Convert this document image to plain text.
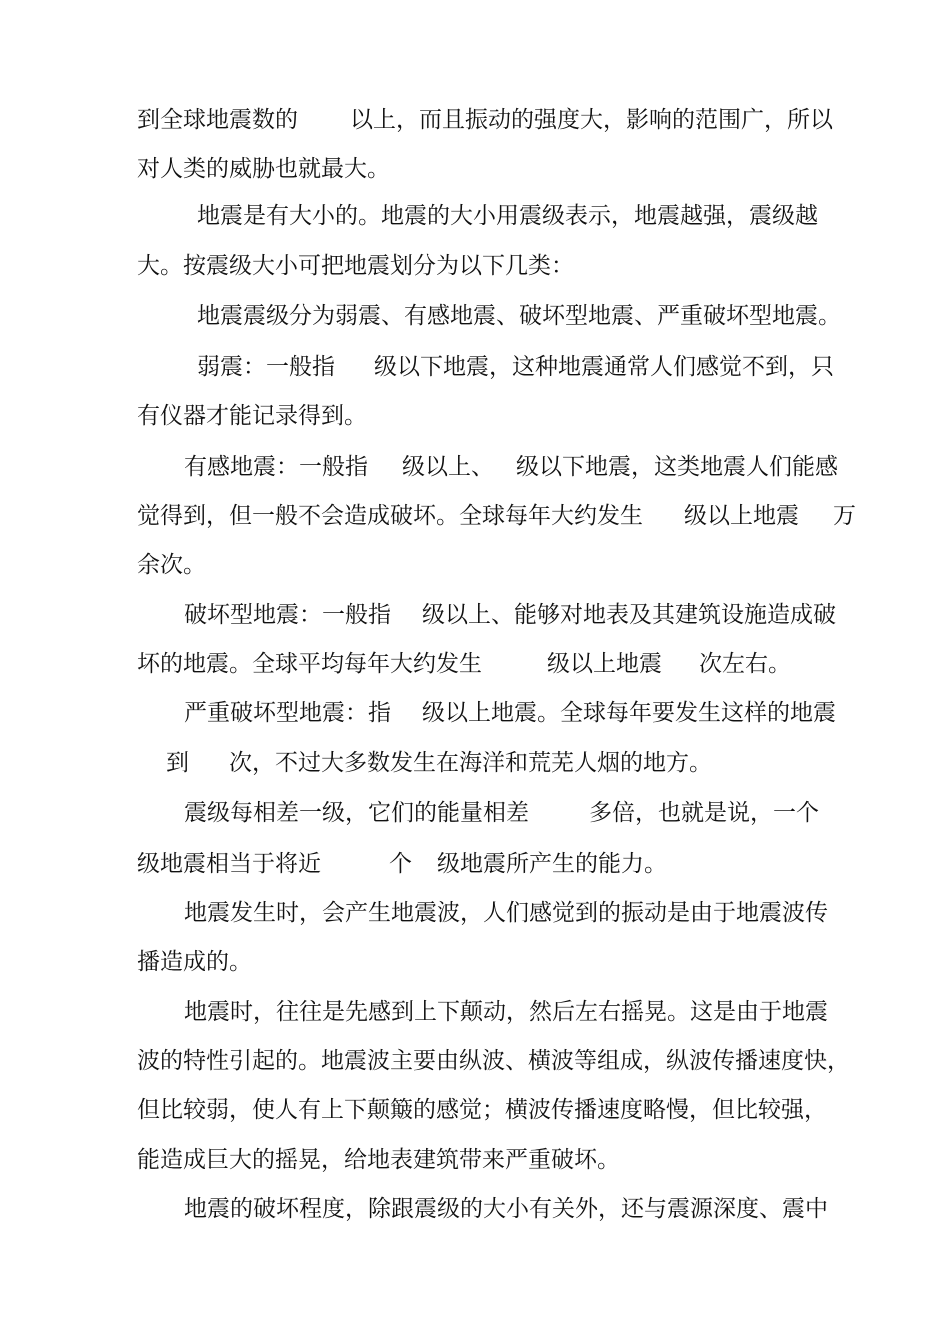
到全球地震数的 以上，而且振动的强度大，影响的范围广，所以
对人类的威胁也就最大。
地震是有大小的。地震的大小用震级表示，地震越强，震级越
大。按震级大小可把地震划分为以下几类：
地震震级分为弱震、有感地震、破坏型地震、严重破坏型地震。
弱震：一般指 级以下地震，这种地震通常人们感觉不到，只
有仪器才能记录得到。
有感地震：一般指 级以上、 级以下地震，这类地震人们能感
觉得到，但一般不会造成破坏。全球每年大约发生 级以上地震 万
余次。
破坏型地震：一般指 级以上、能够对地表及其建筑设施造成破
坏的地震。全球平均每年大约发生	级以上地震 次左右。
严重破坏型地震：指 级以上地震。全球每年要发生这样的地震
到 次，不过大多数发生在海洋和荒芜人烟的地方。
震级每相差一级，它们的能量相差	多倍，也就是说，一个
级地震相当于将近	个 级地震所产生的能力。
地震发生时，会产生地震波，人们感觉到的振动是由于地震波传
播造成的。
地震时，往往是先感到上下颠动，然后左右摇晃。这是由于地震
波的特性引起的。地震波主要由纵波、横波等组成，纵波传播速度快，
但比较弱，使人有上下颠簸的感觉；横波传播速度略慢，但比较强，
能造成巨大的摇晃，给地表建筑带来严重破坏。
地震的破坏程度，除跟震级的大小有关外，还与震源深度、震中
